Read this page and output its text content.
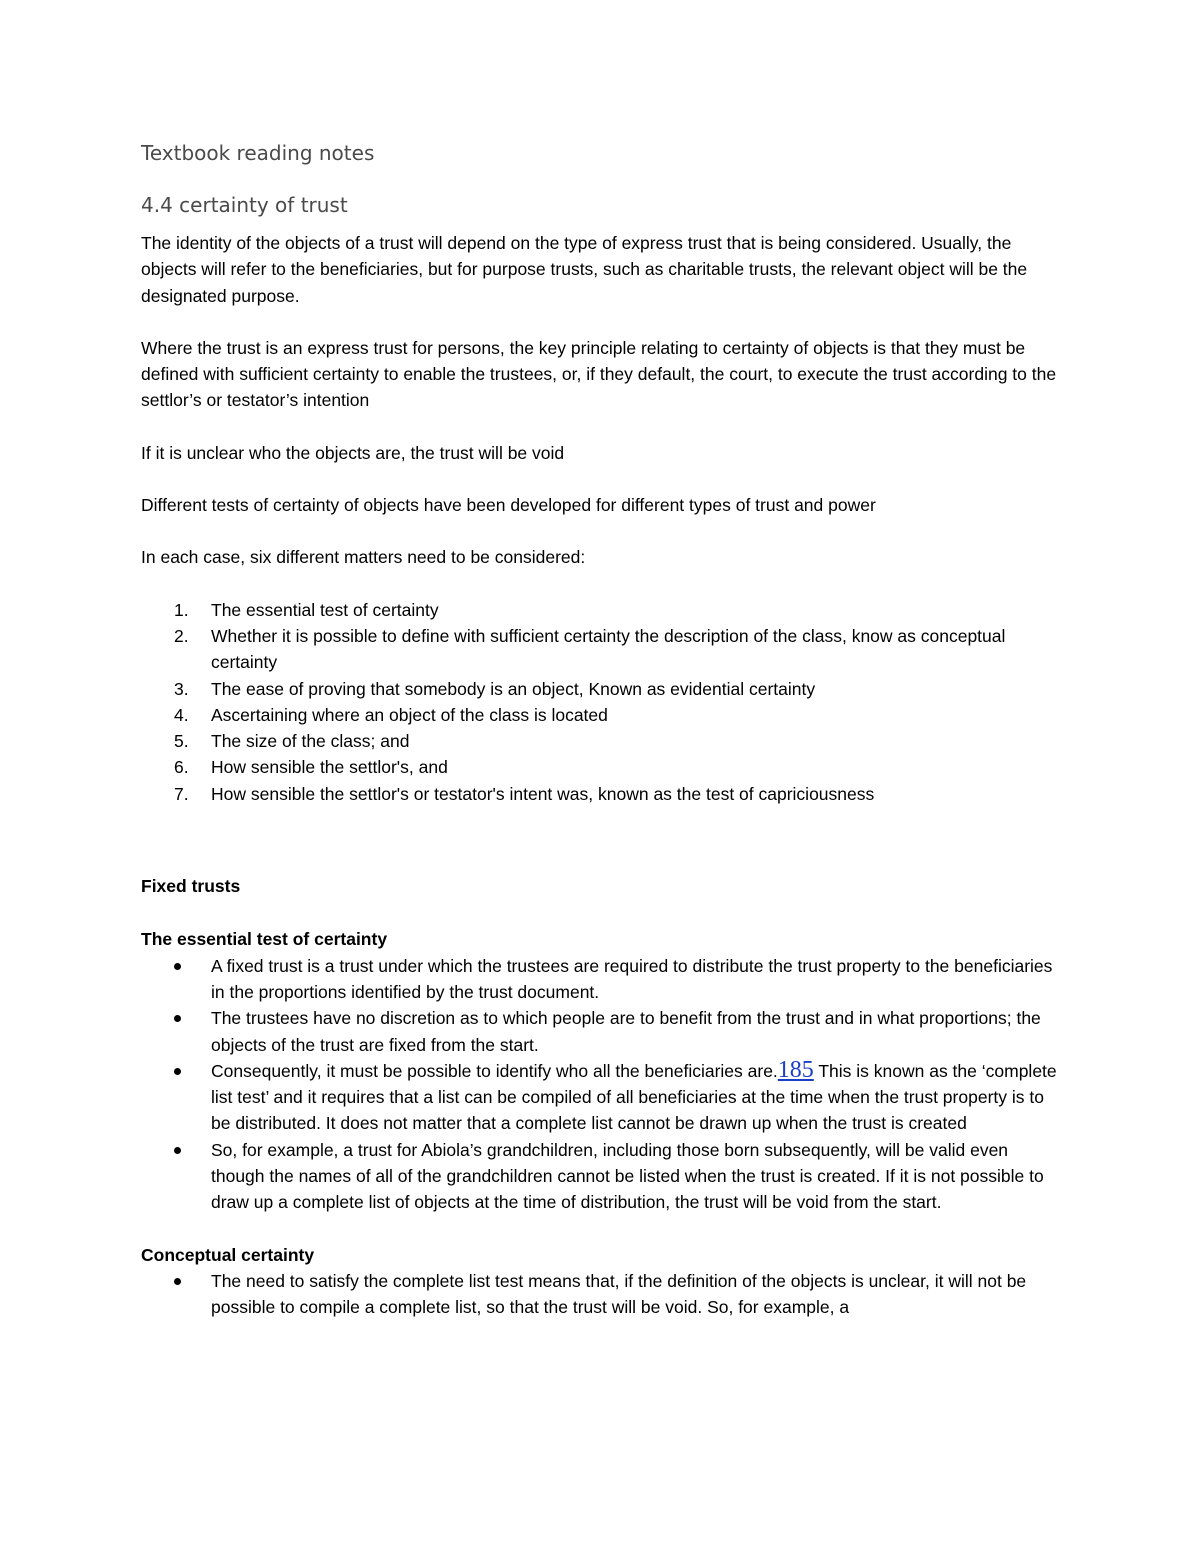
Textbook reading notes
4.4 certainty of trust

The identity of the objects of a trust will depend on the type of express trust that is being considered. Usually, the objects will refer to the beneficiaries, but for purpose trusts, such as charitable trusts, the relevant object will be the designated purpose.

Where the trust is an express trust for persons, the key principle relating to certainty of objects is that they must be defined with sufficient certainty to enable the trustees, or, if they default, the court, to execute the trust according to the settlor’s or testator’s intention

If it is unclear who the objects are, the trust will be void

Different tests of certainty of objects have been developed for different types of trust and power

In each case, six different matters need to be considered:

1. The essential test of certainty
2. Whether it is possible to define with sufficient certainty the description of the class, know as conceptual certainty
3. The ease of proving that somebody is an object, Known as evidential certainty
4. Ascertaining where an object of the class is located
5. The size of the class; and
6. How sensible the settlor's, and
7. How sensible the settlor's or testator's intent was, known as the test of capriciousness
Fixed trusts
The essential test of certainty
A fixed trust is a trust under which the trustees are required to distribute the trust property to the beneficiaries in the proportions identified by the trust document.
The trustees have no discretion as to which people are to benefit from the trust and in what proportions; the objects of the trust are fixed from the start.
Consequently, it must be possible to identify who all the beneficiaries are.185 This is known as the ‘complete list test’ and it requires that a list can be compiled of all beneficiaries at the time when the trust property is to be distributed. It does not matter that a complete list cannot be drawn up when the trust is created
So, for example, a trust for Abiola’s grandchildren, including those born subsequently, will be valid even though the names of all of the grandchildren cannot be listed when the trust is created. If it is not possible to draw up a complete list of objects at the time of distribution, the trust will be void from the start.
Conceptual certainty
The need to satisfy the complete list test means that, if the definition of the objects is unclear, it will not be possible to compile a complete list, so that the trust will be void. So, for example, a
